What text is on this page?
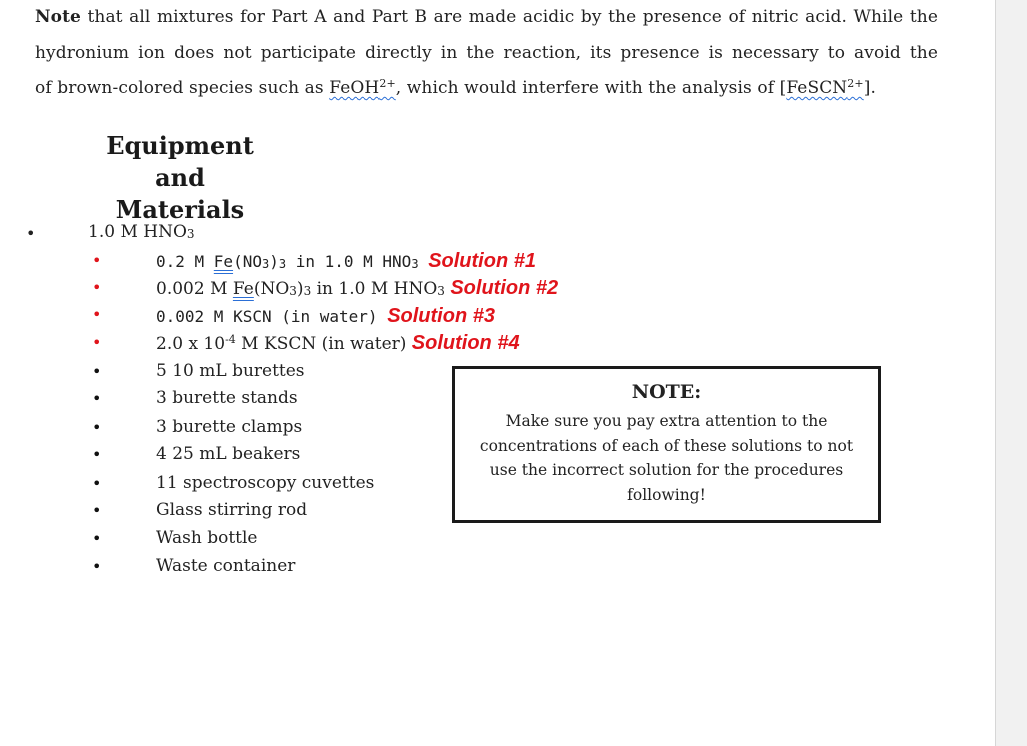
Note that all mixtures for Part A and Part B are made acidic by the presence of nitric acid. While the
hydronium ion does not participate directly in the reaction, its presence is necessary to avoid the
of brown-colored species such as FeOH$^{2+}$, which would interfere with the analysis of [FeSCN$^{2+}$].
Equipment and
Materials
•	1.0 M $HNO_3$
•	0.2 M $Fe(NO_3)_3$ in 1.0 M $HNO_3$ Solution #1
•	0.002 M $Fe(NO_3)_3$ in 1.0 M $HNO_3$ Solution #2
•	0.002 M KSCN (in water) Solution #3
•	2.0 x $10^{-4}$ M KSCN (in water) Solution #4
•	5 10 mL burettes
•	3 burette stands
•	3 burette clamps
•	4 25 mL beakers
•	11 spectroscopy cuvettes
•	Glass stirring rod
•	Wash bottle
•	Waste container
NOTE:
Make sure you pay extra attention to the concentrations of each of these solutions to not use the incorrect solution for the procedures following!
